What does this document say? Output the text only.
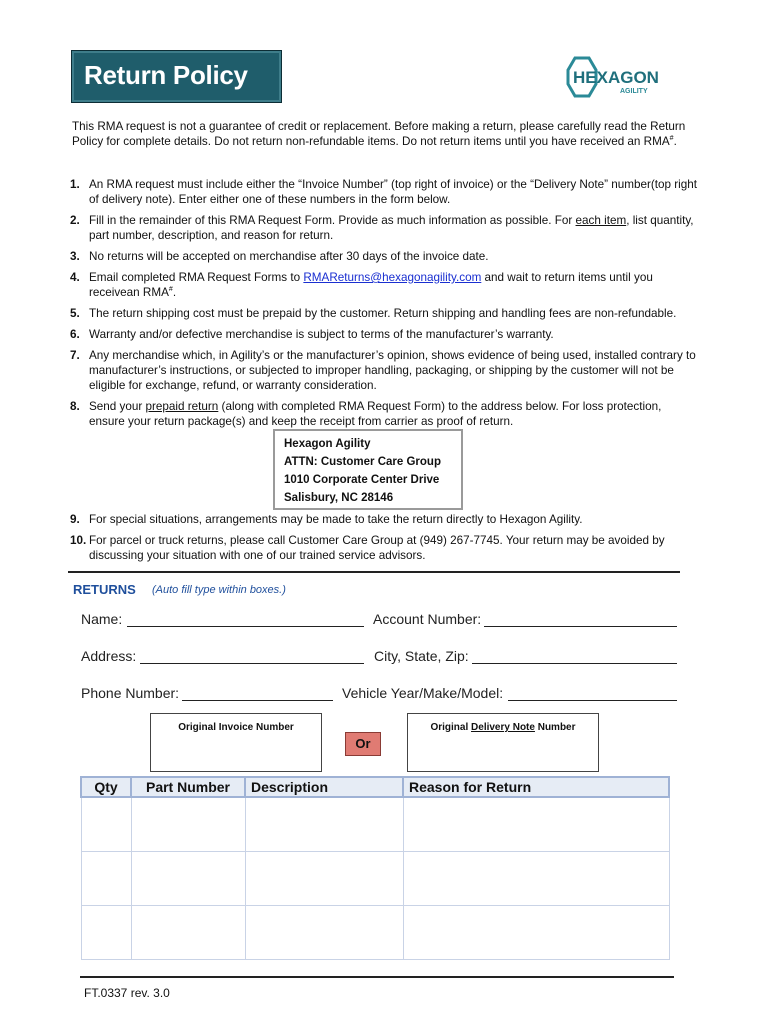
Return Policy	HEXAGON
AGILITY
This RMA request is not a guarantee of credit or replacement. Before making a return, please carefully read the Return Policy for complete details. Do not return non-refundable items. Do not return items until you have received an RMA#.
1. An RMA request must include either the “Invoice Number” (top right of invoice) or the “Delivery Note” number(top right of delivery note). Enter either one of these numbers in the form below.
2. Fill in the remainder of this RMA Request Form. Provide as much information as possible. For each item, list quantity, part number, description, and reason for return.
3. No returns will be accepted on merchandise after 30 days of the invoice date.
4. Email completed RMA Request Forms to RMAReturns@hexagonagility.com and wait to return items until you receivean RMA#.
5. The return shipping cost must be prepaid by the customer. Return shipping and handling fees are non-refundable.
6. Warranty and/or defective merchandise is subject to terms of the manufacturer’s warranty.
7. Any merchandise which, in Agility’s or the manufacturer’s opinion, shows evidence of being used, installed contrary to manufacturer’s instructions, or subjected to improper handling, packaging, or shipping by the customer will not be eligible for exchange, refund, or warranty consideration.
8. Send your prepaid return (along with completed RMA Request Form) to the address below. For loss protection, ensure your return package(s) and keep the receipt from carrier as proof of return.
Hexagon Agility
ATTN: Customer Care Group
1010 Corporate Center Drive
Salisbury, NC 28146
9. For special situations, arrangements may be made to take the return directly to Hexagon Agility.
10. For parcel or truck returns, please call Customer Care Group at (949) 267-7745. Your return may be avoided by discussing your situation with one of our trained service advisors.
RETURNS (Auto fill type within boxes.)
Name:	Account Number:
Address:	City, State, Zip:
Phone Number:	Vehicle Year/Make/Model:
Original Invoice Number
Or
Original Delivery Note Number
Qty	Part Number	Description	Reason for Return

FT.0337 rev. 3.0
